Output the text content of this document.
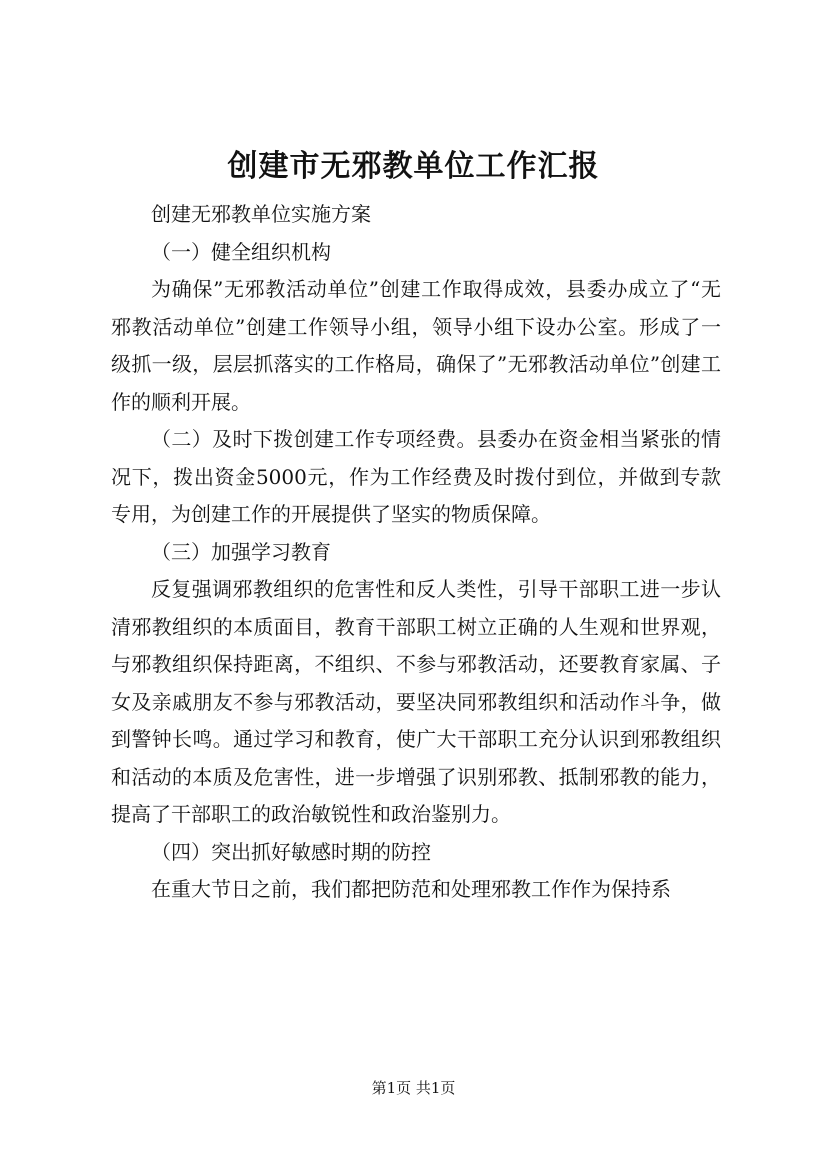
创建市无邪教单位工作汇报

创建无邪教单位实施方案

（一）健全组织机构

为确保”无邪教活动单位”创建工作取得成效，县委办成立了“无邪教活动单位”创建工作领导小组，领导小组下设办公室。形成了一级抓一级，层层抓落实的工作格局，确保了”无邪教活动单位”创建工作的顺利开展。

（二）及时下拨创建工作专项经费。县委办在资金相当紧张的情况下，拨出资金5000元，作为工作经费及时拨付到位，并做到专款专用，为创建工作的开展提供了坚实的物质保障。

（三）加强学习教育

反复强调邪教组织的危害性和反人类性，引导干部职工进一步认清邪教组织的本质面目，教育干部职工树立正确的人生观和世界观，与邪教组织保持距离，不组织、不参与邪教活动，还要教育家属、子女及亲戚朋友不参与邪教活动，要坚决同邪教组织和活动作斗争，做到警钟长鸣。通过学习和教育，使广大干部职工充分认识到邪教组织和活动的本质及危害性，进一步增强了识别邪教、抵制邪教的能力，提高了干部职工的政治敏锐性和政治鉴别力。

（四）突出抓好敏感时期的防控

在重大节日之前，我们都把防范和处理邪教工作作为保持系

第1页 共1页
